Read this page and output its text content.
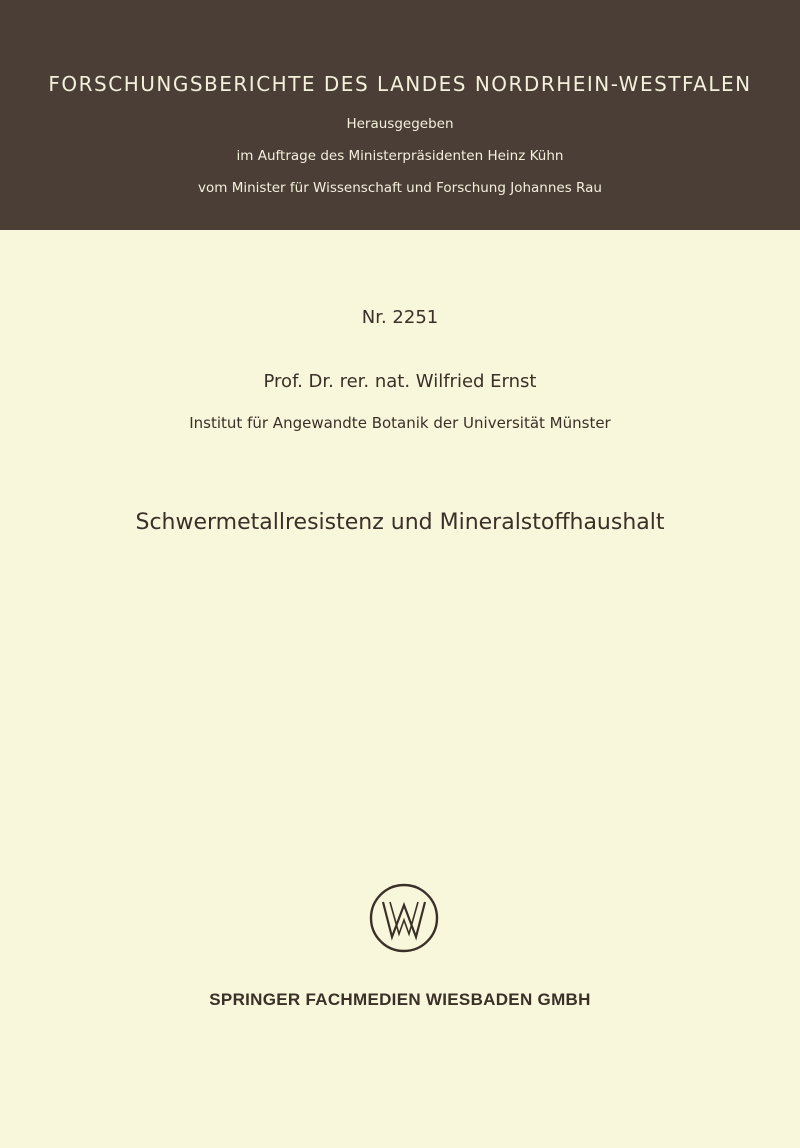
FORSCHUNGSBERICHTE DES LANDES NORDRHEIN-WESTFALEN
Herausgegeben
im Auftrage des Ministerpräsidenten Heinz Kühn
vom Minister für Wissenschaft und Forschung Johannes Rau
Nr. 2251
Prof. Dr. rer. nat. Wilfried Ernst
Institut für Angewandte Botanik der Universität Münster
Schwermetallresistenz und Mineralstoffhaushalt
SPRINGER FACHMEDIEN WIESBADEN GMBH
